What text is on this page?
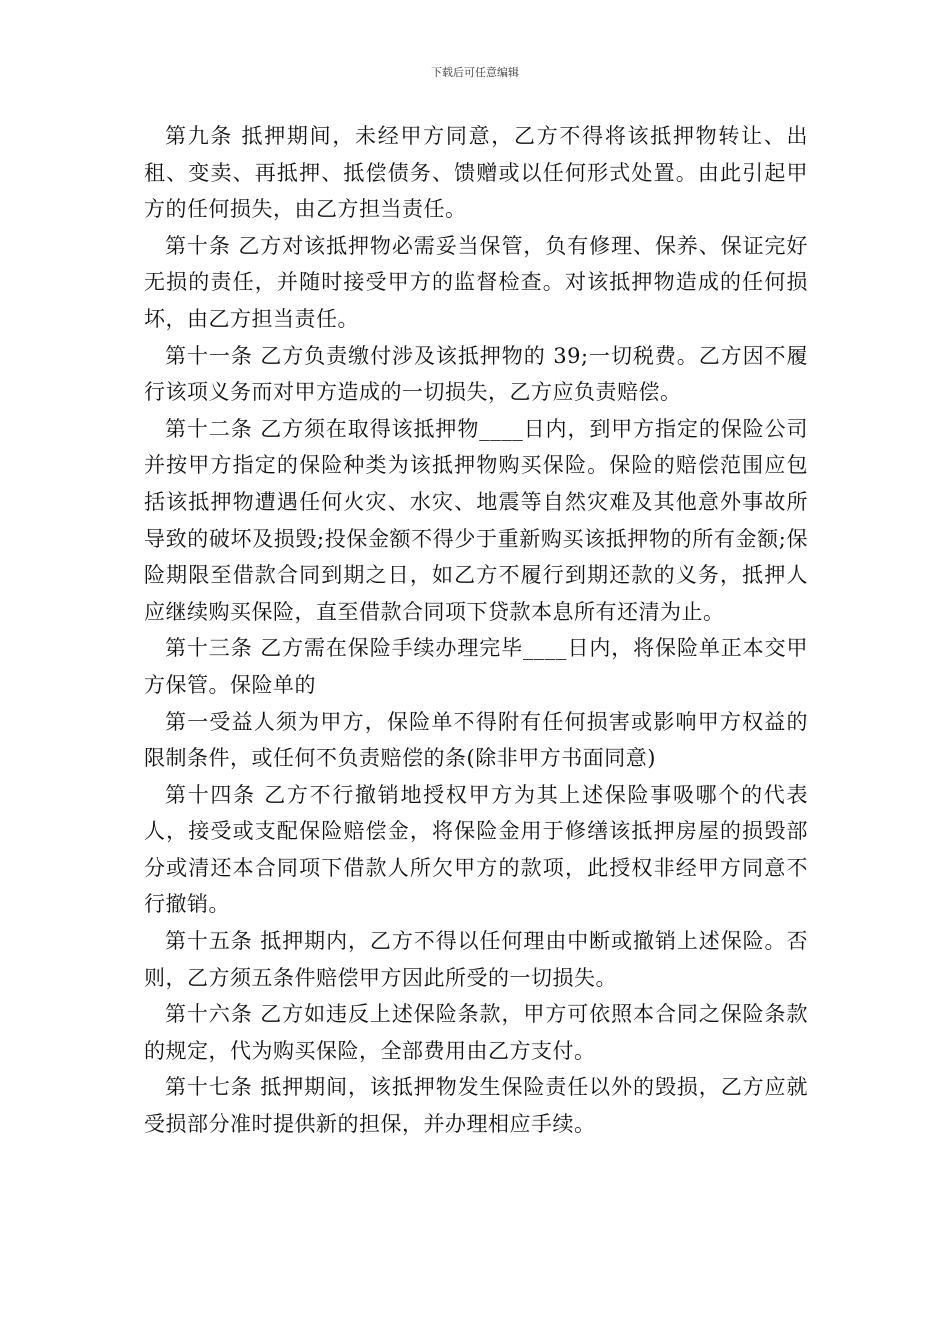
下载后可任意编辑

第九条 抵押期间，未经甲方同意，乙方不得将该抵押物转让、出租、变卖、再抵押、抵偿债务、馈赠或以任何形式处置。由此引起甲方的任何损失，由乙方担当责任。

第十条 乙方对该抵押物必需妥当保管，负有修理、保养、保证完好无损的责任，并随时接受甲方的监督检查。对该抵押物造成的任何损坏，由乙方担当责任。

第十一条 乙方负责缴付涉及该抵押物的 39;一切税费。乙方因不履行该项义务而对甲方造成的一切损失，乙方应负责赔偿。

第十二条 乙方须在取得该抵押物____日内，到甲方指定的保险公司并按甲方指定的保险种类为该抵押物购买保险。保险的赔偿范围应包括该抵押物遭遇任何火灾、水灾、地震等自然灾难及其他意外事故所导致的破坏及损毁;投保金额不得少于重新购买该抵押物的所有金额;保险期限至借款合同到期之日，如乙方不履行到期还款的义务，抵押人应继续购买保险，直至借款合同项下贷款本息所有还清为止。

第十三条 乙方需在保险手续办理完毕____日内，将保险单正本交甲方保管。保险单的

第一受益人须为甲方，保险单不得附有任何损害或影响甲方权益的限制条件，或任何不负责赔偿的条(除非甲方书面同意)

第十四条 乙方不行撤销地授权甲方为其上述保险事吸哪个的代表人，接受或支配保险赔偿金，将保险金用于修缮该抵押房屋的损毁部分或清还本合同项下借款人所欠甲方的款项，此授权非经甲方同意不行撤销。

第十五条 抵押期内，乙方不得以任何理由中断或撤销上述保险。否则，乙方须五条件赔偿甲方因此所受的一切损失。

第十六条 乙方如违反上述保险条款，甲方可依照本合同之保险条款的规定，代为购买保险，全部费用由乙方支付。

第十七条 抵押期间，该抵押物发生保险责任以外的毁损，乙方应就受损部分准时提供新的担保，并办理相应手续。
